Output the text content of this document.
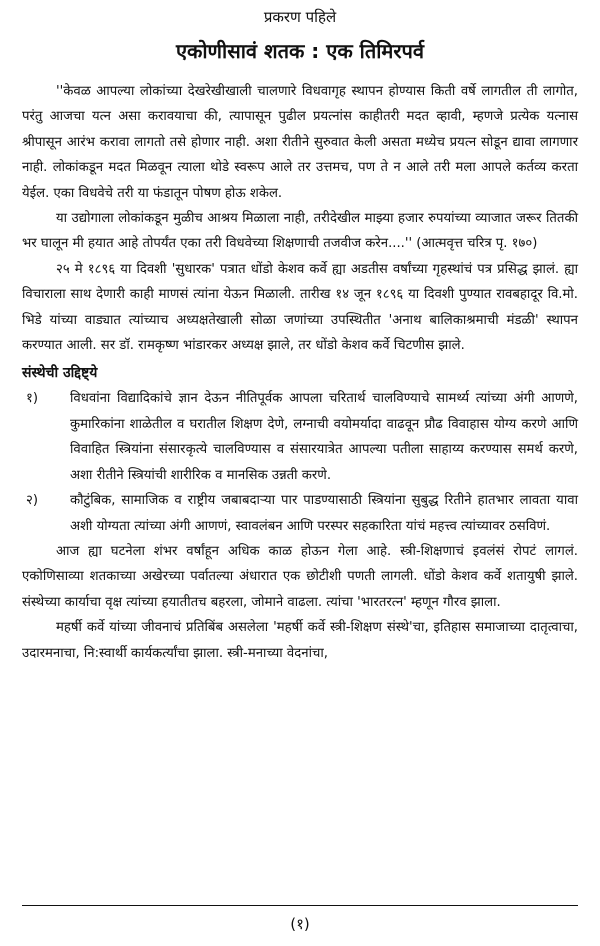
प्रकरण पहिले
एकोणीसावं शतक : एक तिमिरपर्व

''केवळ आपल्या लोकांच्या देखरेखीखाली चालणारे विधवागृह स्थापन होण्यास किती वर्षे लागतील ती लागोत, परंतु आजचा यत्न असा करावयाचा की, त्यापासून पुढील प्रयत्नांस काहीतरी मदत व्हावी, म्हणजे प्रत्येक यत्नास श्रीपासून आरंभ करावा लागतो तसे होणार नाही. अशा रीतीने सुरुवात केली असता मध्येच प्रयत्न सोडून द्यावा लागणार नाही. लोकांकडून मदत मिळवून त्याला थोडे स्वरूप आले तर उत्तमच, पण ते न आले तरी मला आपले कर्तव्य करता येईल. एका विधवेचे तरी या फंडातून पोषण होऊ शकेल.

या उद्योगाला लोकांकडून मुळीच आश्रय मिळाला नाही, तरीदेखील माझ्या हजार रुपयांच्या व्याजात जरूर तितकी भर घालून मी हयात आहे तोपर्यंत एका तरी विधवेच्या शिक्षणाची तजवीज करेन....'' (आत्मवृत्त चरित्र पृ. १७०)

२५ मे १८९६ या दिवशी 'सुधारक' पत्रात धोंडो केशव कर्वे ह्या अडतीस वर्षांच्या गृहस्थांचं पत्र प्रसिद्ध झालं. ह्या विचाराला साथ देणारी काही माणसं त्यांना येऊन मिळाली. तारीख १४ जून १८९६ या दिवशी पुण्यात रावबहादूर वि.मो. भिडे यांच्या वाड्यात त्यांच्याच अध्यक्षतेखाली सोळा जणांच्या उपस्थितीत 'अनाथ बालिकाश्रमाची मंडळी' स्थापन करण्यात आली. सर डॉ. रामकृष्ण भांडारकर अध्यक्ष झाले, तर धोंडो केशव कर्वे चिटणीस झाले.

संस्थेची उद्दिष्ट्ये
१)	विधवांना विद्यादिकांचे ज्ञान देऊन नीतिपूर्वक आपला चरितार्थ चालविण्याचे सामर्थ्य त्यांच्या अंगी आणणे, कुमारिकांना शाळेतील व घरातील शिक्षण देणे, लग्नाची वयोमर्यादा वाढवून प्रौढ विवाहास योग्य करणे आणि विवाहित स्त्रियांना संसारकृत्ये चालविण्यास व संसारयात्रेत आपल्या पतीला साहाय्य करण्यास समर्थ करणे, अशा रीतीने स्त्रियांची शारीरिक व मानसिक उन्नती करणे.
२)	कौटुंबिक, सामाजिक व राष्ट्रीय जबाबदाऱ्या पार पाडण्यासाठी स्त्रियांना सुबुद्ध रितीने हातभार लावता यावा अशी योग्यता त्यांच्या अंगी आणणं, स्वावलंबन आणि परस्पर सहकारिता यांचं महत्त्व त्यांच्यावर ठसविणं.

आज ह्या घटनेला शंभर वर्षांहून अधिक काळ होऊन गेला आहे. स्त्री-शिक्षणाचं इवलंसं रोपटं लागलं. एकोणिसाव्या शतकाच्या अखेरच्या पर्वातल्या अंधारात एक छोटीशी पणती लागली. धोंडो केशव कर्वे शतायुषी झाले. संस्थेच्या कार्याचा वृक्ष त्यांच्या हयातीतच बहरला, जोमाने वाढला. त्यांचा 'भारतरत्न' म्हणून गौरव झाला.

महर्षी कर्वे यांच्या जीवनाचं प्रतिबिंब असलेला 'महर्षी कर्वे स्त्री-शिक्षण संस्थे'चा, इतिहास समाजाच्या दातृत्वाचा, उदारमनाचा, नि:स्वार्थी कार्यकर्त्यांचा झाला. स्त्री-मनाच्या वेदनांचा,

(१)
